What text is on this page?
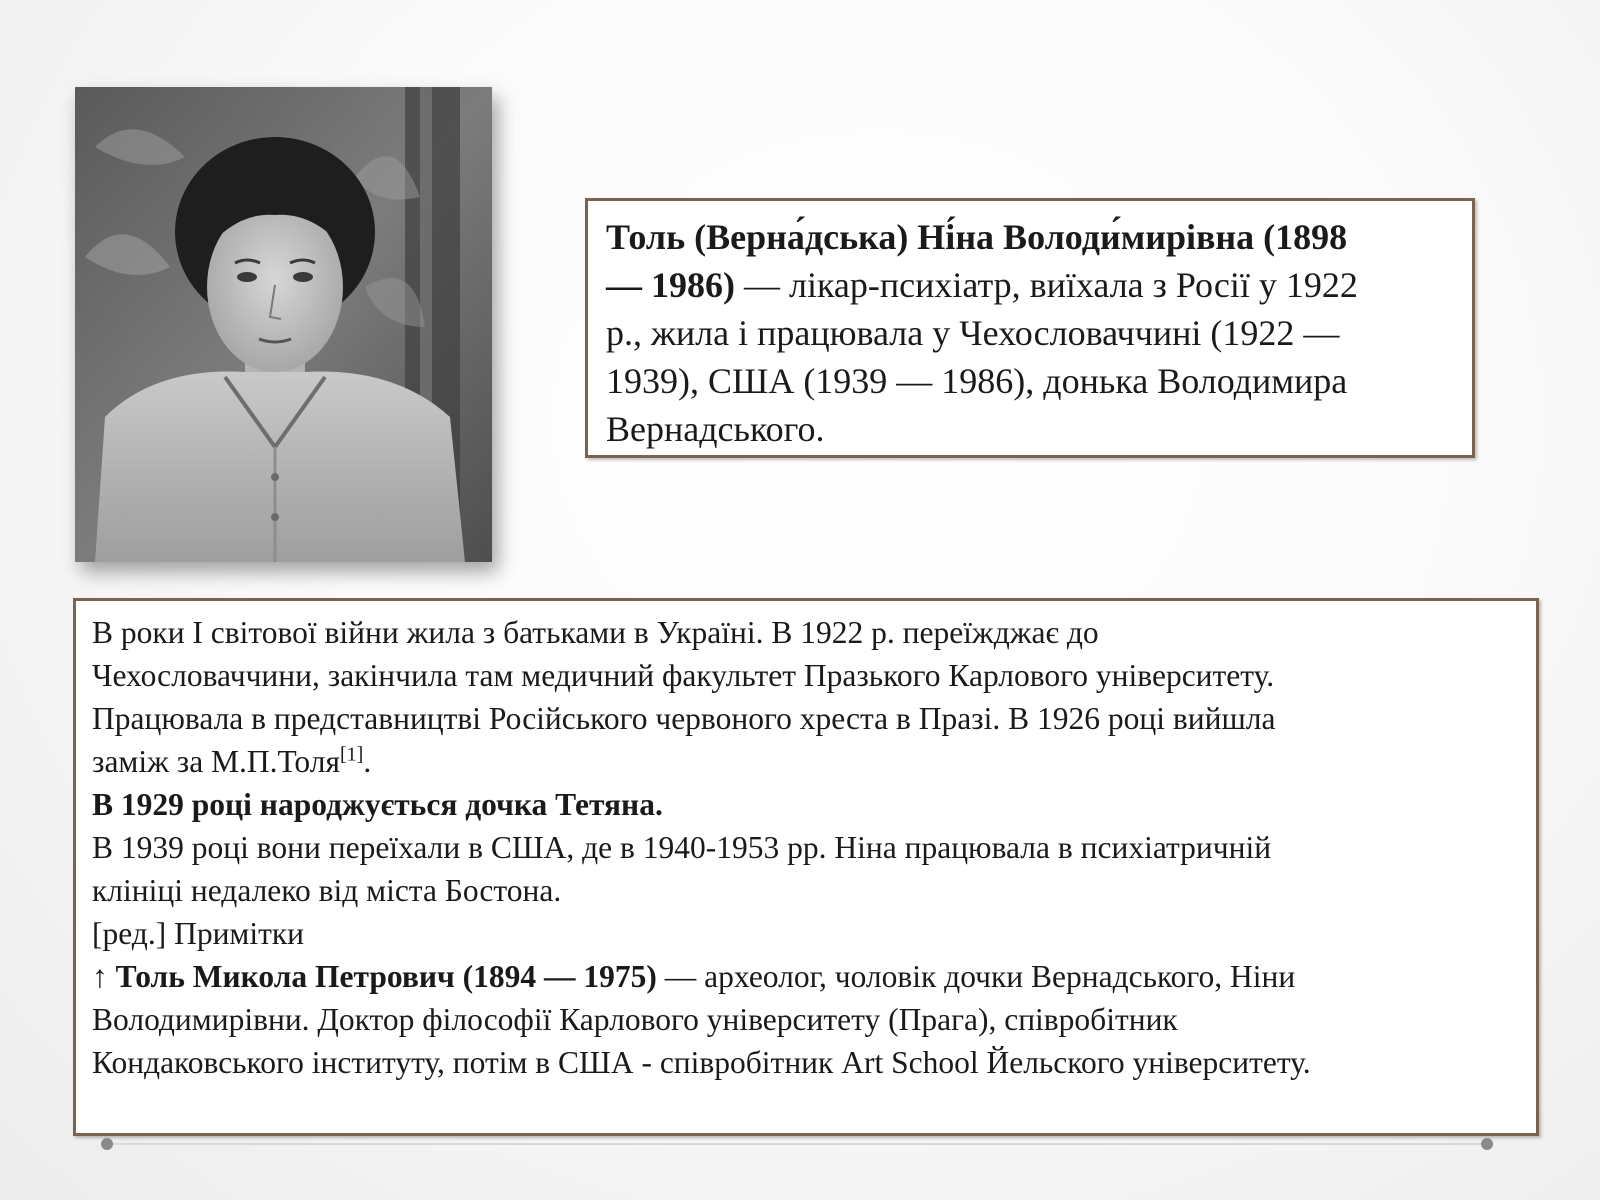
Толь (Верна́дська) Ні́на Володи́мирівна (1898
— 1986) — лікар-психіатр, виїхала з Росії у 1922
р., жила і працювала у Чехословаччині (1922 —
1939), США (1939 — 1986), донька Володимира
Вернадського.
В роки I світової війни жила з батьками в Україні. В 1922 р. переїжджає до
Чехословаччини, закінчила там медичний факультет Празького Карлового університету.
Працювала в представництві Російського червоного хреста в Празі. В 1926 році вийшла
заміж за М.П.Толя[1].
В 1929 році народжується дочка Тетяна.
В 1939 році вони переїхали в США, де в 1940-1953 рр. Ніна працювала в психіатричній
клініці недалеко від міста Бостона.
[ред.] Примітки
↑ Толь Микола Петрович (1894 — 1975) — археолог, чоловік дочки Вернадського, Ніни
Володимирівни. Доктор філософії Карлового університету (Прага), співробітник
Кондаковського інституту, потім в США - співробітник Art School Йельского університету.
